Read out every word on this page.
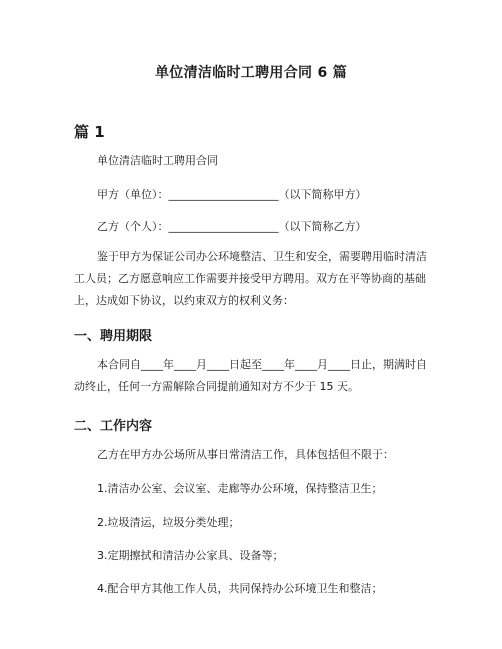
单位清洁临时工聘用合同 6 篇
篇 1
单位清洁临时工聘用合同
甲方（单位）：____________________（以下简称甲方）
乙方（个人）：____________________（以下简称乙方）
鉴于甲方为保证公司办公环境整洁、卫生和安全，需要聘用临时清洁工人员；乙方愿意响应工作需要并接受甲方聘用。双方在平等协商的基础上，达成如下协议，以约束双方的权利义务：
一、聘用期限
本合同自____年____月____日起至____年____月____日止，期满时自动终止，任何一方需解除合同提前通知对方不少于 15 天。
二、工作内容
乙方在甲方办公场所从事日常清洁工作，具体包括但不限于：
1.清洁办公室、会议室、走廊等办公环境，保持整洁卫生；
2.垃圾清运，垃圾分类处理；
3.定期擦拭和清洁办公家具、设备等；
4.配合甲方其他工作人员，共同保持办公环境卫生和整洁；
